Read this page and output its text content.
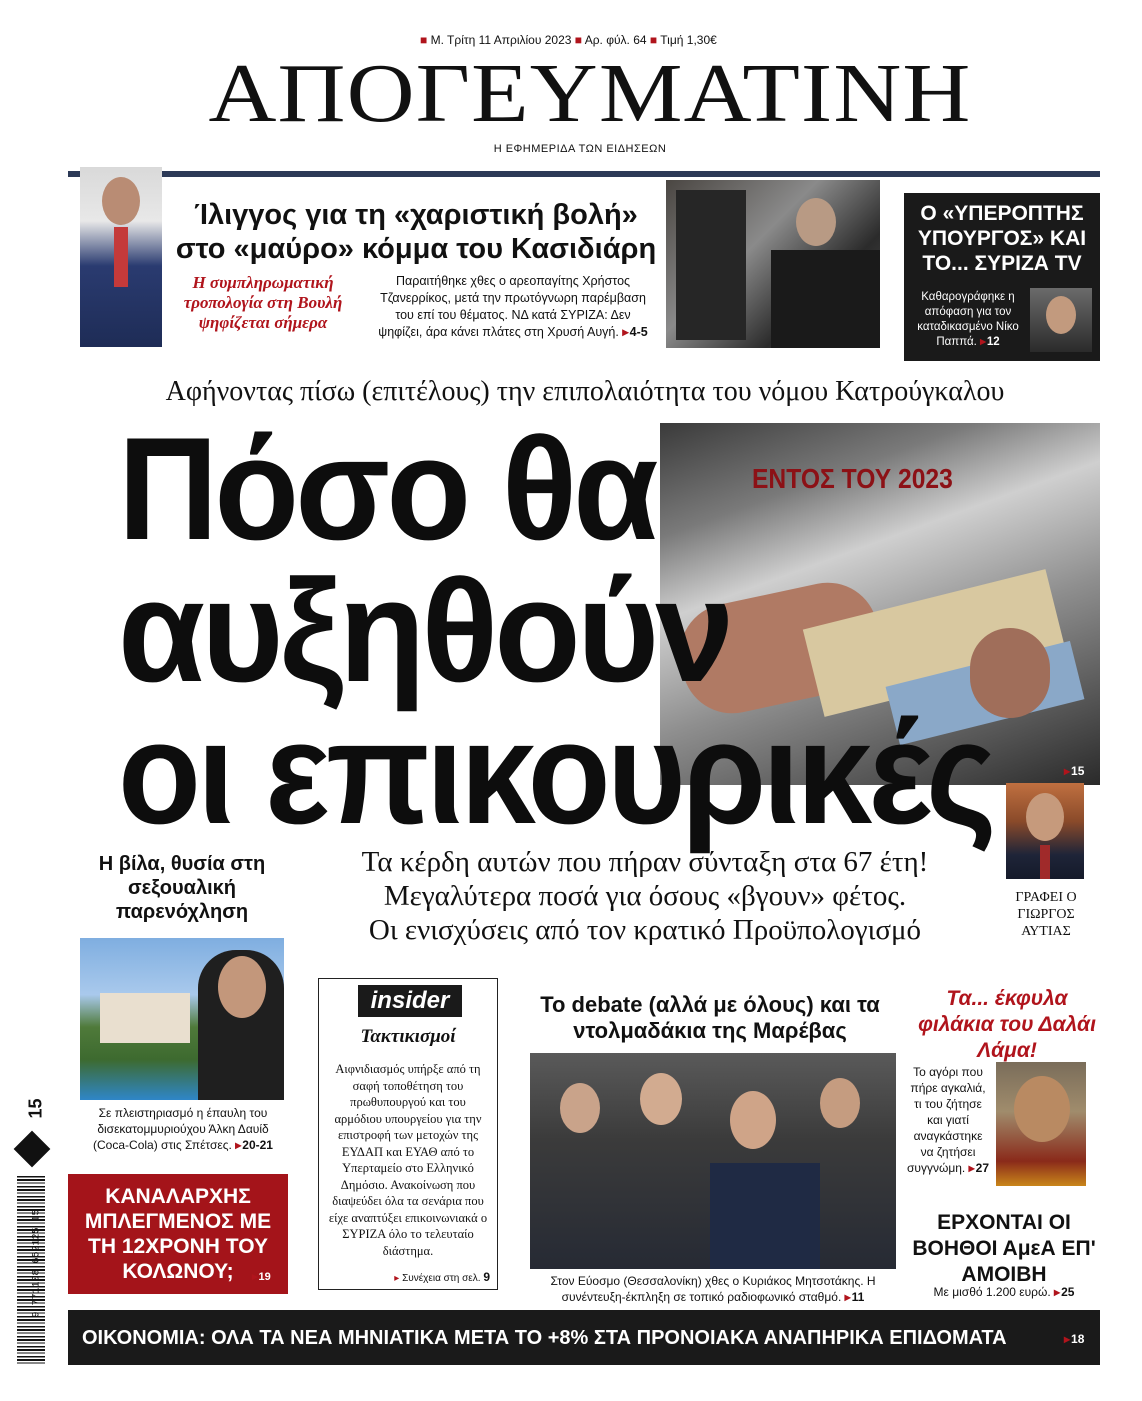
■ Μ. Τρίτη 11 Απριλίου 2023 ■ Αρ. φύλ. 64 ■ Τιμή 1,30€
ΑΠΟΓΕΥΜΑΤΙΝΗ
Η ΕΦΗΜΕΡΙΔΑ ΤΩΝ ΕΙΔΗΣΕΩΝ
Ίλιγγος για τη «χαριστική βολή»
στο «μαύρο» κόμμα του Κασιδιάρη
Η συμπληρωματική τροπολογία στη Βουλή ψηφίζεται σήμερα
Παραιτήθηκε χθες ο αρεοπαγίτης Χρήστος Τζανερρίκος, μετά την πρωτόγνωρη παρέμβαση του επί του θέματος. ΝΔ κατά ΣΥΡΙΖΑ: Δεν ψηφίζει, άρα κάνει πλάτες στη Χρυσή Αυγή. ▸ 4-5
Ο «ΥΠΕΡΟΠΤΗΣ ΥΠΟΥΡΓΟΣ» ΚΑΙ ΤΟ... ΣΥΡΙΖΑ TV
Καθαρογράφηκε η απόφαση για τον καταδικασμένο Νίκο Παππά. ▸ 12
Αφήνοντας πίσω (επιτέλους) την επιπολαιότητα του νόμου Κατρούγκαλου
ΕΝΤΟΣ ΤΟΥ 2023
▸ 15
Πόσο θα
αυξηθούν
οι επικουρικές
Τα κέρδη αυτών που πήραν σύνταξη στα 67 έτη!
Μεγαλύτερα ποσά για όσους «βγουν» φέτος.
Οι ενισχύσεις από τον κρατικό Προϋπολογισμό
ΓΡΑΦΕΙ Ο ΓΙΩΡΓΟΣ ΑΥΤΙΑΣ
Η βίλα, θυσία στη σεξουαλική παρενόχληση
Σε πλειστηριασμό η έπαυλη του δισεκατομμυριούχου Άλκη Δαυίδ (Coca-Cola) στις Σπέτσες. ▸ 20-21
ΚΑΝΑΛΑΡΧΗΣ ΜΠΛΕΓΜΕΝΟΣ ΜΕ ΤΗ 12ΧΡΟΝΗ ΤΟΥ ΚΟΛΩΝΟΥ;	▸ 19
insider
Τακτικισμοί
Αιφνιδιασμός υπήρξε από τη σαφή τοποθέτηση του πρωθυπουργού και του αρμόδιου υπουργείου για την επιστροφή των μετοχών της ΕΥΔΑΠ και ΕΥΑΘ από το Υπερταμείο στο Ελληνικό Δημόσιο. Ανακοίνωση που διαψεύδει όλα τα σενάρια που είχε αναπτύξει επικοινωνιακά ο ΣΥΡΙΖΑ όλο το τελευταίο διάστημα.
▸ Συνέχεια στη σελ. 9
Το debate (αλλά με όλους) και τα ντολμαδάκια της Μαρέβας
Στον Εύοσμο (Θεσσαλονίκη) χθες ο Κυριάκος Μητσοτάκης. Η συνέντευξη-έκπληξη σε τοπικό ραδιοφωνικό σταθμό. ▸ 11
Τα... έκφυλα φιλάκια του Δαλάι Λάμα!
Το αγόρι που πήρε αγκαλιά, τι του ζήτησε και γιατί αναγκάστηκε να ζητήσει συγγνώμη. ▸ 27
ΕΡΧΟΝΤΑΙ ΟΙ ΒΟΗΘΟΙ ΑμεΑ ΕΠ' ΑΜΟΙΒΗ
Με μισθό 1.200 ευρώ. ▸ 25
ΟΙΚΟΝΟΜΙΑ: ΟΛΑ ΤΑ ΝΕΑ ΜΗΝΙΑΤΙΚΑ ΜΕΤΑ ΤΟ +8% ΣΤΑ ΠΡΟΝΟΙΑΚΑ ΑΝΑΠΗΡΙΚΑ ΕΠΙΔΟΜΑΤΑ	▸ 18
15
9 771108 652125 15
